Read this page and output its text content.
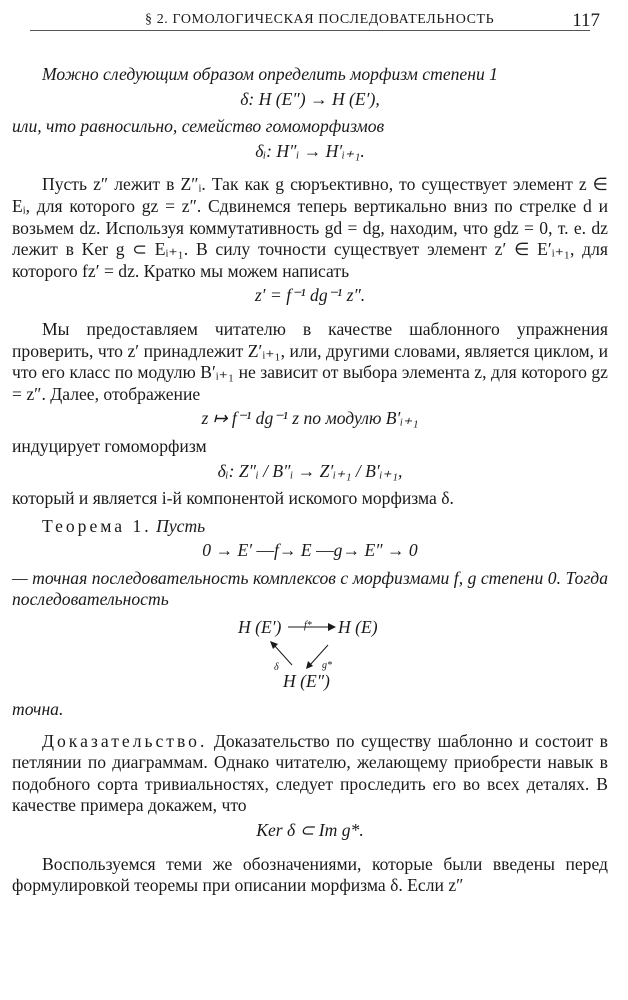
§ 2. ГОМОЛОГИЧЕСКАЯ ПОСЛЕДОВАТЕЛЬНОСТЬ	117

Можно следующим образом определить морфизм степени 1

δ: H (E″) → H (E′),

или, что равносильно, семейство гомоморфизмов

δᵢ: H″ᵢ → H′ᵢ₊₁.

Пусть z″ лежит в Z″ᵢ. Так как g сюръективно, то существует элемент z ∈ Eᵢ, для которого gz = z″. Сдвинемся теперь вертикально вниз по стрелке d и возьмем dz. Используя коммутативность gd = dg, находим, что gdz = 0, т. е. dz лежит в Ker g ⊂ Eᵢ₊₁. В силу точности существует элемент z′ ∈ E′ᵢ₊₁, для которого fz′ = dz. Кратко мы можем написать

z′ = f⁻¹ dg⁻¹ z″.

Мы предоставляем читателю в качестве шаблонного упражнения проверить, что z′ принадлежит Z′ᵢ₊₁, или, другими словами, является циклом, и что его класс по модулю B′ᵢ₊₁ не зависит от выбора элемента z, для которого gz = z″. Далее, отображение

z ↦ f⁻¹ dg⁻¹ z по модулю B′ᵢ₊₁

индуцирует гомоморфизм

δᵢ: Z″ᵢ / B″ᵢ → Z′ᵢ₊₁ / B′ᵢ₊₁,

который и является i-й компонентой искомого морфизма δ.

Теорема 1. Пусть

0 → E′ ―f→ E ―g→ E″ → 0

— точная последовательность комплексов с морфизмами f, g степени 0. Тогда последовательность

H (E′)	H (E)
H (E″)
f*
g*
δ

точна.

Доказательство. Доказательство по существу шаблонно и состоит в петлянии по диаграммам. Однако читателю, желающему приобрести навык в подобного сорта тривиальностях, следует проследить его во всех деталях. В качестве примера докажем, что

Ker δ ⊂ Im g*.

Воспользуемся теми же обозначениями, которые были введены перед формулировкой теоремы при описании морфизма δ. Если z″
